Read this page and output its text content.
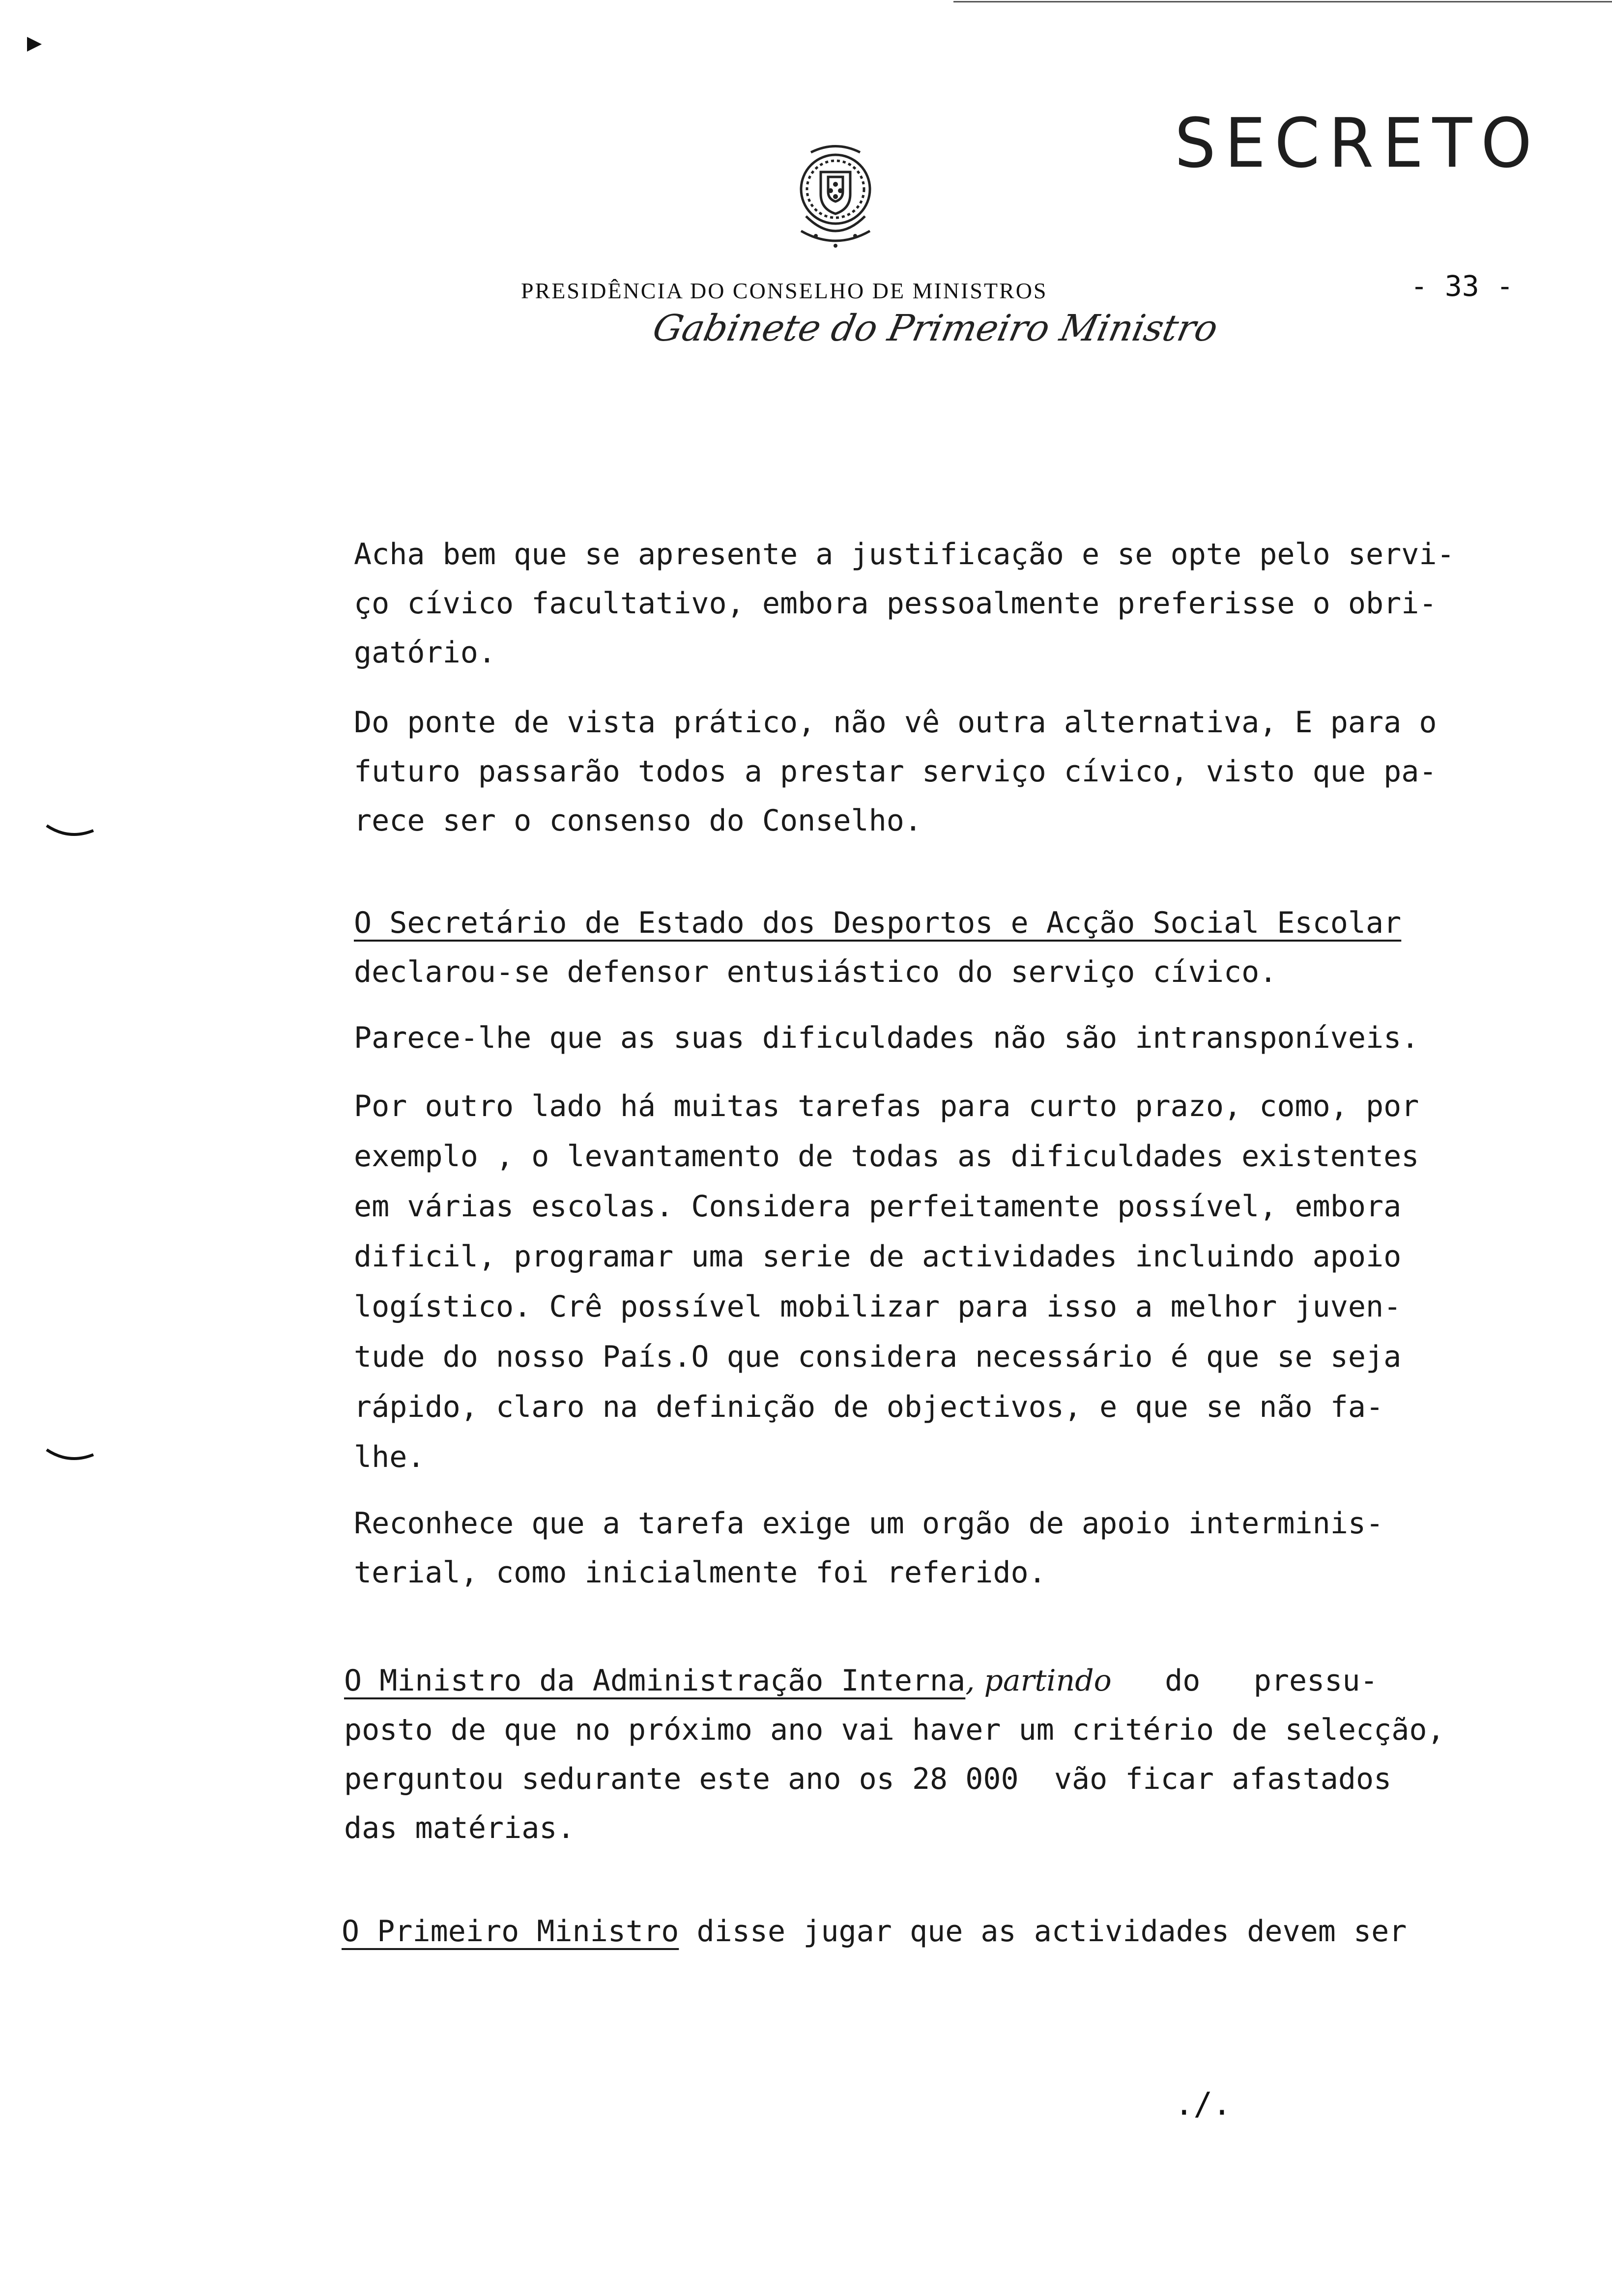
SECRETO
PRESIDÊNCIA DO CONSELHO DE MINISTROS	- 33 -
Gabinete do Primeiro Ministro

Acha bem que se apresente a justificação e se opte pelo servi-
ço cívico facultativo, embora pessoalmente preferisse o obri-
gatório.

Do ponte de vista prático, não vê outra alternativa, E para o
futuro passarão todos a prestar serviço cívico, visto que pa-
rece ser o consenso do Conselho.

O Secretário de Estado dos Desportos e Acção Social Escolar
declarou-se defensor entusiástico do serviço cívico.

Parece-lhe que as suas dificuldades não são intransponíveis.

Por outro lado há muitas tarefas para curto prazo, como, por
exemplo , o levantamento de todas as dificuldades existentes
em várias escolas. Considera perfeitamente possível, embora
dificil, programar uma serie de actividades incluindo apoio
logístico. Crê possível mobilizar para isso a melhor juven-
tude do nosso País.O que considera necessário é que se seja
rápido, claro na definição de objectivos, e que se não fa-
lhe.

Reconhece que a tarefa exige um orgão de apoio interminis-
terial, como inicialmente foi referido.

O Ministro da Administração Interna, partindo do   pressu-
posto de que no próximo ano vai haver um critério de selecção,
perguntou sedurante este ano os 28 000  vão ficar afastados
das matérias.

O Primeiro Ministro disse jugar que as actividades devem ser

./.
